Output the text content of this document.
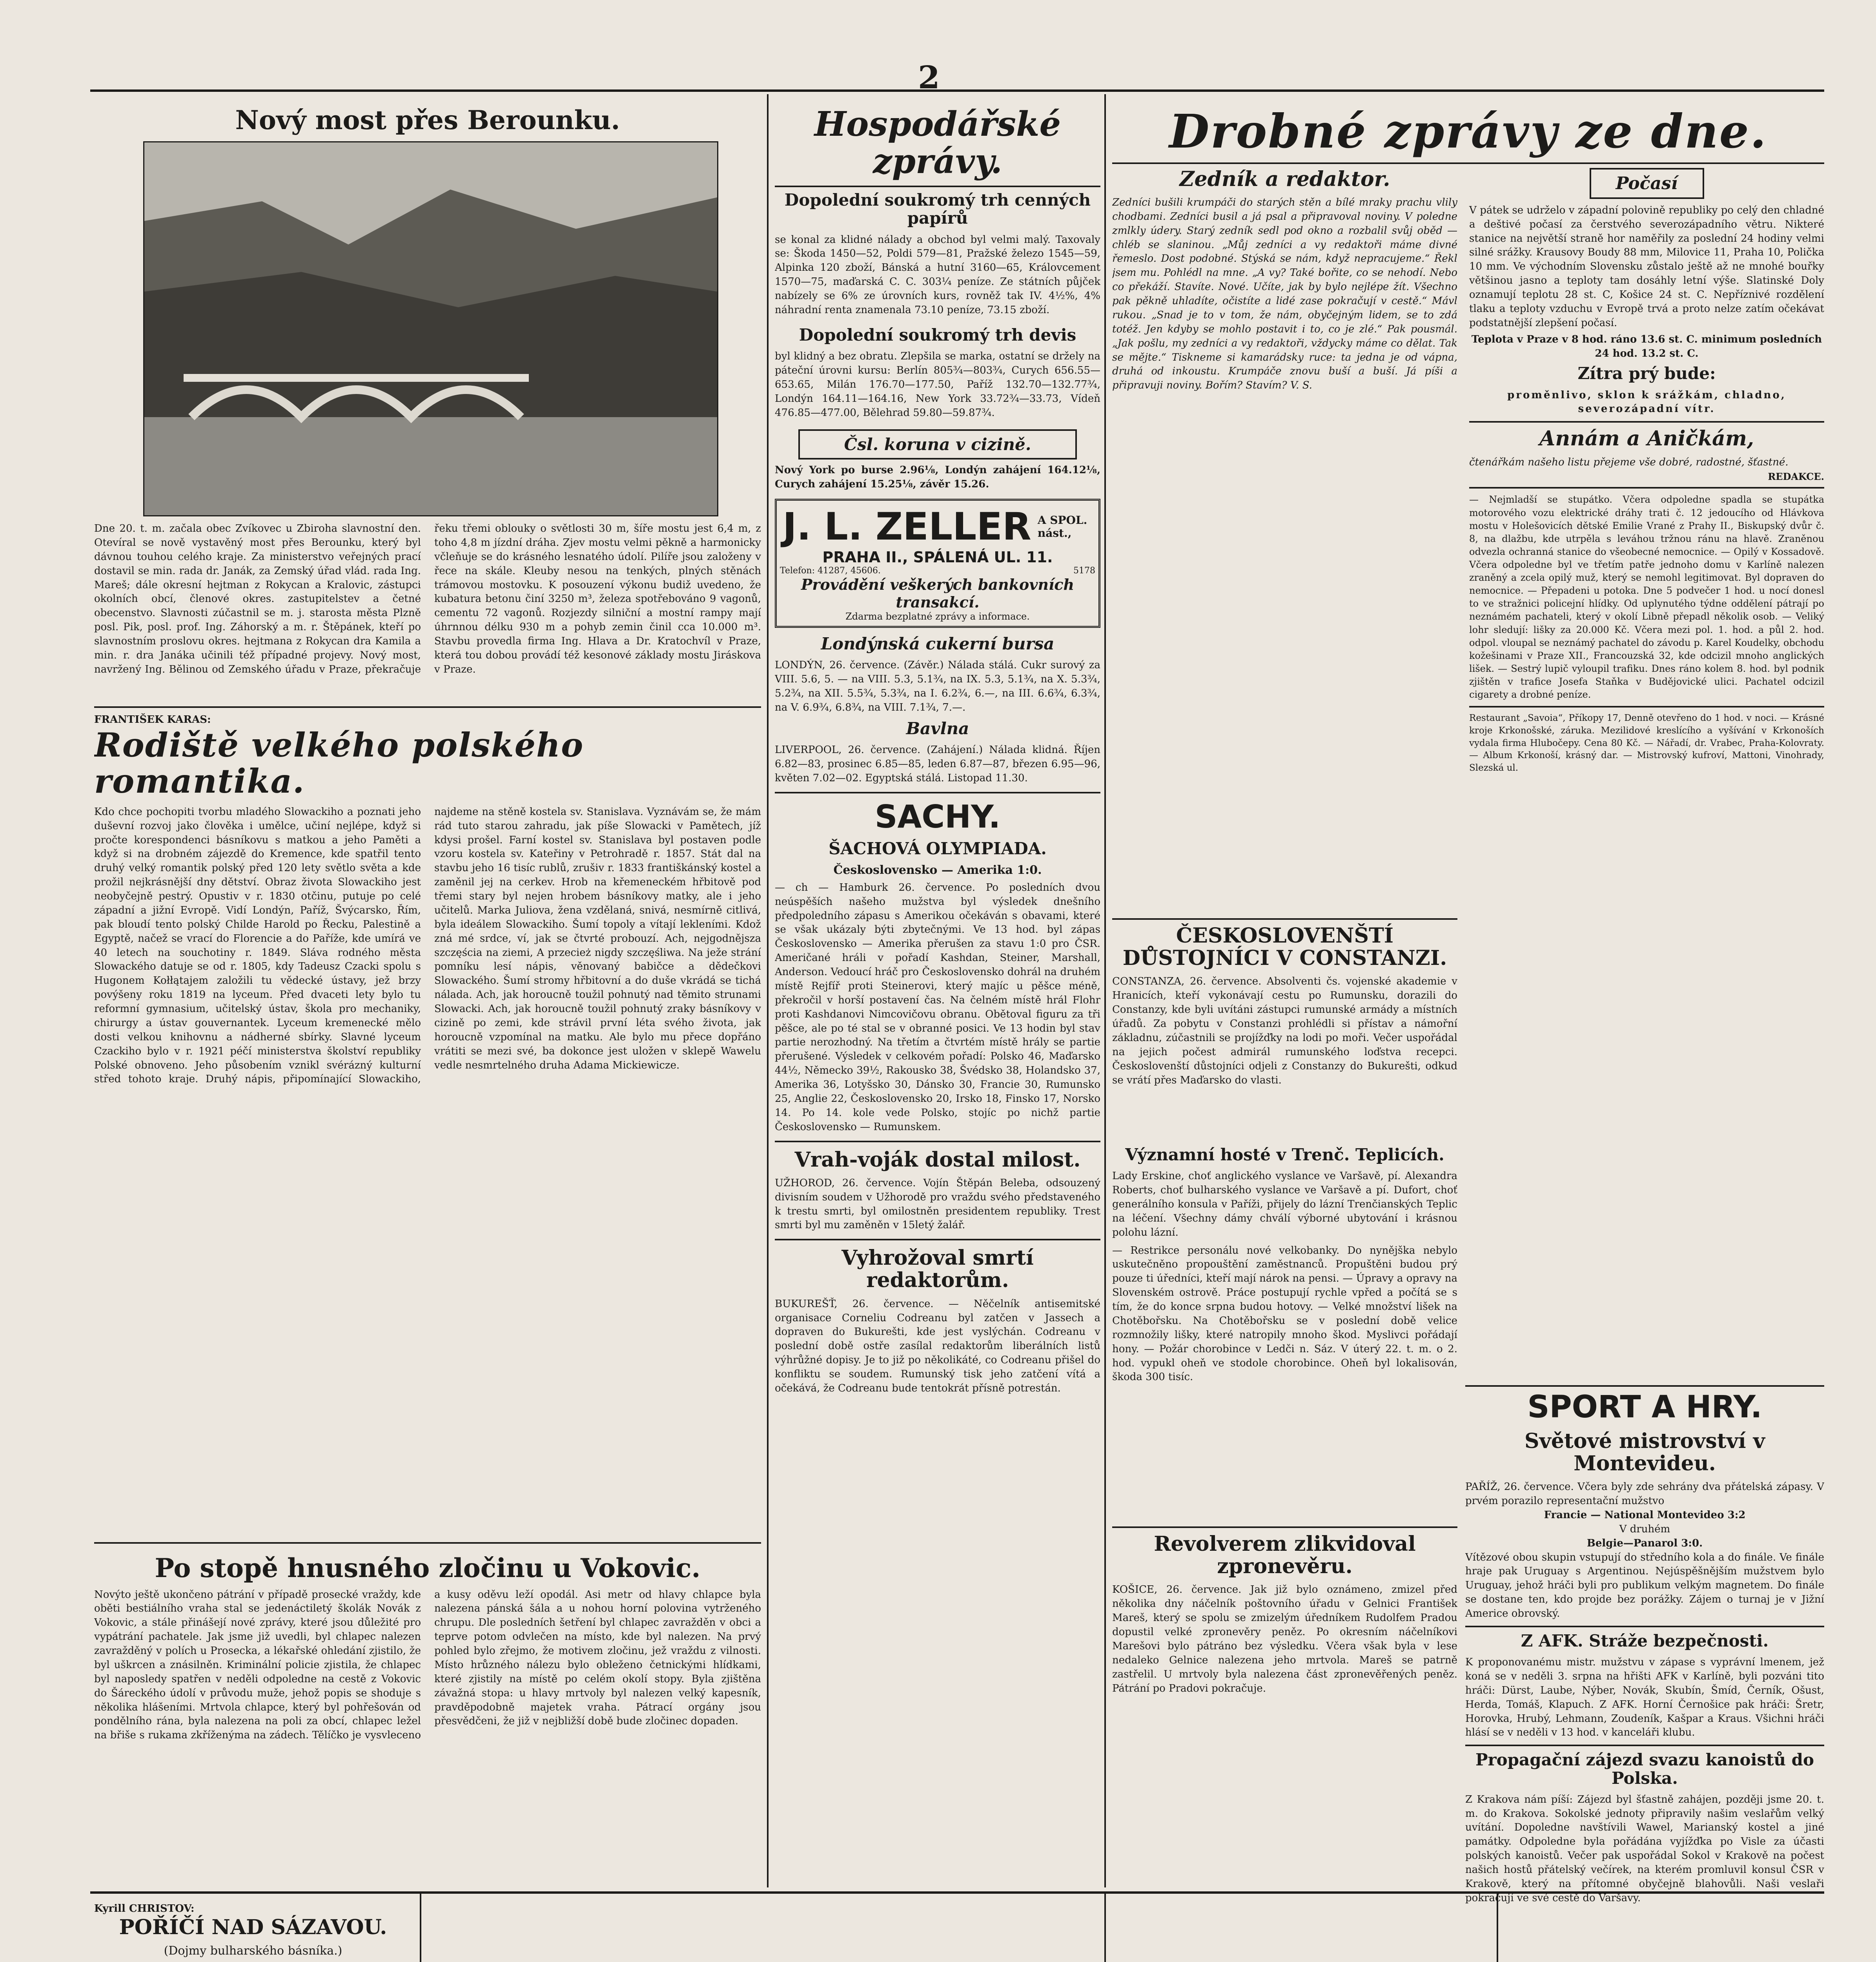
2
Nový most přes Berounku.

Dne 20. t. m. začala obec Zvíkovec u Zbiroha slavnostní den. Otevíral se nově vystavěný most přes Berounku, který byl dávnou touhou celého kraje. Za ministerstvo veřejných prací dostavil se min. rada dr. Janák, za Zemský úřad vlád. rada Ing. Mareš; dále okresní hejtman z Rokycan a Kralovic, zástupci okolních obcí, členové okres. zastupitelstev a četné obecenstvo. Slavnosti zúčastnil se m. j. starosta města Plzně posl. Pik, posl. prof. Ing. Záhorský a m. r. Štěpánek, kteří po slavnostním proslovu okres. hejtmana z Rokycan dra Kamila a min. r. dra Janáka učinili též případné projevy. Nový most, navržený Ing. Bělinou od Zemského úřadu v Praze, překračuje řeku třemi oblouky o světlosti 30 m, šíře mostu jest 6,4 m, z toho 4,8 m jízdní dráha. Zjev mostu velmi pěkně a harmonicky včleňuje se do krásného lesnatého údolí. Pilíře jsou založeny v řece na skále. Kleuby nesou na tenkých, plných stěnách trámovou mostovku. K posouzení výkonu budiž uvedeno, že kubatura betonu činí 3250 m³, železa spotřebováno 9 vagonů, cementu 72 vagonů. Rozjezdy silniční a mostní rampy mají úhrnnou délku 930 m a pohyb zemin činil cca 10.000 m³. Stavbu provedla firma Ing. Hlava a Dr. Kratochvíl v Praze, která tou dobou provádí též kesonové základy mostu Jiráskova v Praze.

FRANTIŠEK KARAS:
Rodiště velkého polského romantika.

Kdo chce pochopiti tvorbu mladého Slowackiho a poznati jeho duševní rozvoj jako člověka i umělce, učiní nejlépe, když si pročte korespondenci básníkovu s matkou a jeho Paměti a když si na drobném zájezdě do Kremence, kde spatřil tento druhý velký romantik polský před 120 lety světlo světa a kde prožil nejkrásnější dny dětství. Obraz života Slowackiho jest neobyčejně pestrý. Opustiv v r. 1830 otčinu, putuje po celé západní a jižní Evropě. Vidí Londýn, Paříž, Švýcarsko, Řím, pak bloudí tento polský Childe Harold po Řecku, Palestině a Egyptě, načež se vrací do Florencie a do Paříže, kde umírá ve 40 letech na souchotiny r. 1849. Sláva rodného města Slowackého datuje se od r. 1805, kdy Tadeusz Czacki spolu s Hugonem Kołłątajem založili tu vědecké ústavy, jež brzy povýšeny roku 1819 na lyceum. Před dvaceti lety bylo tu reformní gymnasium, učitelský ústav, škola pro mechaniky, chirurgy a ústav gouvernantek. Lyceum kremenecké mělo dosti velkou knihovnu a nádherné sbírky. Slavné lyceum Czackiho bylo v r. 1921 péčí ministerstva školství republiky Polské obnoveno. Jeho působením vznikl svérázný kulturní střed tohoto kraje. Druhý nápis, připomínající Slowackiho, najdeme na stěně kostela sv. Stanislava. Vyznávám se, že mám rád tuto starou zahradu, jak píše Slowacki v Pamětech, jíž kdysi prošel. Farní kostel sv. Stanislava byl postaven podle vzoru kostela sv. Kateřiny v Petrohradě r. 1857. Stát dal na stavbu jeho 16 tisíc rublů, zrušiv r. 1833 františkánský kostel a zaměnil jej na cerkev. Hrob na křemeneckém hřbitově pod třemi stary byl nejen hrobem básníkovy matky, ale i jeho učitelů. Marka Juliova, žena vzdělaná, snivá, nesmírně citlivá, byla ideálem Slowackiho. Šumí topoly a vítají lekleními. Kdož zná mé srdce, ví, jak se čtvrté probouzí. Ach, nejgodnějsza szczęścia na ziemi, A przecież nigdy szczęśliwa. Na ježe strání pomníku lesí nápis, věnovaný babičce a dědečkovi Slowackého. Šumí stromy hřbitovní a do duše vkrádá se tichá nálada. Ach, jak horoucně toužil pohnutý nad těmito strunami Slowacki. Ach, jak horoucně toužil pohnutý zraky básníkovy v cizině po zemi, kde strávil první léta svého života, jak horoucně vzpomínal na matku. Ale bylo mu přece dopřáno vrátiti se mezi své, ba dokonce jest uložen v sklepě Wawelu vedle nesmrtelného druha Adama Mickiewicze.

Po stopě hnusného zločinu u Vokovic.

Novýto ještě ukončeno pátrání v případě prosecké vraždy, kde oběti bestiálního vraha stal se jedenáctiletý školák Novák z Vokovic, a stále přinášejí nové zprávy, které jsou důležité pro vypátrání pachatele. Jak jsme již uvedli, byl chlapec nalezen zavražděný v polích u Prosecka, a lékařské ohledání zjistilo, že byl uškrcen a znásilněn. Kriminální policie zjistila, že chlapec byl naposledy spatřen v neděli odpoledne na cestě z Vokovic do Šáreckého údolí v průvodu muže, jehož popis se shoduje s několika hlášeními. Mrtvola chlapce, který byl pohřešován od pondělního rána, byla nalezena na poli za obcí, chlapec ležel na břiše s rukama zkříženýma na zádech. Tělíčko je vysvleceno a kusy oděvu leží opodál. Asi metr od hlavy chlapce byla nalezena pánská šála a u nohou horní polovina vytrženého chrupu. Dle posledních šetření byl chlapec zavražděn v obci a teprve potom odvlečen na místo, kde byl nalezen. Na prvý pohled bylo zřejmo, že motivem zločinu, jež vraždu z vilnosti. Místo hrůzného nálezu bylo obleženo četnickými hlídkami, které zjistily na místě po celém okolí stopy. Byla zjištěna závažná stopa: u hlavy mrtvoly byl nalezen velký kapesník, pravděpodobně majetek vraha. Pátrací orgány jsou přesvědčeni, že již v nejbližší době bude zločinec dopaden.

Hospodářské zprávy.
Dopolední soukromý trh cenných papírů

se konal za klidné nálady a obchod byl velmi malý. Taxovaly se: Škoda 1450—52, Poldi 579—81, Pražské železo 1545—59, Alpinka 120 zboží, Bánská a hutní 3160—65, Královcement 1570—75, maďarská C. C. 303¼ peníze. Ze státních půjček nabízely se 6% ze úrovních kurs, rovněž tak IV. 4½%, 4% náhradní renta znamenala 73.10 peníze, 73.15 zboží.

Dopolední soukromý trh devis

byl klidný a bez obratu. Zlepšila se marka, ostatní se držely na páteční úrovni kursu: Berlín 805¾—803¾, Curych 656.55—653.65, Milán 176.70—177.50, Paříž 132.70—132.77¾, Londýn 164.11—164.16, New York 33.72¾—33.73, Vídeň 476.85—477.00, Bělehrad 59.80—59.87¾.

Čsl. koruna v cizině.

Nový York po burse 2.96⅛, Londýn zahájení 164.12⅛, Curych zahájení 15.25⅛, závěr 15.26.

J. L. ZELLER A SPOL. nást.,
PRAHA II., SPÁLENÁ UL. 11.
Telefon: 41287, 45606.	5178
Provádění veškerých bankovních transakcí.
Zdarma bezplatné zprávy a informace.
Londýnská cukerní bursa

LONDÝN, 26. července. (Závěr.) Nálada stálá. Cukr surový za VIII. 5.6, 5. — na VIII. 5.3, 5.1¾, na IX. 5.3, 5.1¾, na X. 5.3¾, 5.2¾, na XII. 5.5¾, 5.3¾, na I. 6.2¾, 6.—, na III. 6.6¾, 6.3¾, na V. 6.9¾, 6.8¾, na VIII. 7.1¾, 7.—.

Bavlna

LIVERPOOL, 26. července. (Zahájení.) Nálada klidná. Říjen 6.82—83, prosinec 6.85—85, leden 6.87—87, březen 6.95—96, květen 7.02—02. Egyptská stálá. Listopad 11.30.

SACHY.
ŠACHOVÁ OLYMPIADA.
Československo — Amerika 1:0.

— ch — Hamburk 26. července. Po posledních dvou neúspěších našeho mužstva byl výsledek dnešního předpoledního zápasu s Amerikou očekáván s obavami, které se však ukázaly býti zbytečnými. Ve 13 hod. byl zápas Československo — Amerika přerušen za stavu 1:0 pro ČSR. Američané hráli v pořadí Kashdan, Steiner, Marshall, Anderson. Vedoucí hráč pro Československo dohrál na druhém místě Rejfíř proti Steinerovi, který majíc u pěšce méně, překročil v horší postavení čas. Na čelném místě hrál Flohr proti Kashdanovi Nimcovičovu obranu. Obětoval figuru za tři pěšce, ale po té stal se v obranné posici. Ve 13 hodin byl stav partie nerozhodný. Na třetím a čtvrtém místě hrály se partie přerušené. Výsledek v celkovém pořadí: Polsko 46, Maďarsko 44½, Německo 39½, Rakousko 38, Švédsko 38, Holandsko 37, Amerika 36, Lotyšsko 30, Dánsko 30, Francie 30, Rumunsko 25, Anglie 22, Československo 20, Irsko 18, Finsko 17, Norsko 14. Po 14. kole vede Polsko, stojíc po nichž partie Československo — Rumunskem.

Vrah-voják dostal milost.

UŽHOROD, 26. července. Vojín Štěpán Beleba, odsouzený divisním soudem v Užhorodě pro vraždu svého představeného k trestu smrti, byl omilostněn presidentem republiky. Trest smrti byl mu zaměněn v 15letý žalář.

Vyhrožoval smrtí redaktorům.

BUKUREŠŤ, 26. července. — Něčelník antisemitské organisace Corneliu Codreanu byl zatčen v Jassech a dopraven do Bukurešti, kde jest vyslýchán. Codreanu v poslední době ostře zasílal redaktorům liberálních listů výhrůžné dopisy. Je to již po několikáté, co Codreanu přišel do konfliktu se soudem. Rumunský tisk jeho zatčení vítá a očekává, že Codreanu bude tentokrát přísně potrestán.

Drobné zprávy ze dne.
Zedník a redaktor.

Zedníci bušili krumpáči do starých stěn a bílé mraky prachu vlily chodbami. Zedníci busil a já psal a připravoval noviny. V poledne zmlkly údery. Starý zedník sedl pod okno a rozbalil svůj oběd — chléb se slaninou. „Můj zedníci a vy redaktoři máme divné řemeslo. Dost podobné. Stýská se nám, když nepracujeme.“ Řekl jsem mu. Pohlédl na mne. „A vy? Také bořite, co se nehodí. Nebo co překáží. Stavíte. Nové. Učíte, jak by bylo nejlépe žít. Všechno pak pěkně uhladíte, očistíte a lidé zase pokračují v cestě.“ Mávl rukou. „Snad je to v tom, že nám, obyčejným lidem, se to zdá totéž. Jen kdyby se mohlo postavit i to, co je zlé.“ Pak pousmál. „Jak pošlu, my zedníci a vy redaktoři, vždycky máme co dělat. Tak se mějte.“ Tiskneme si kamarádsky ruce: ta jedna je od vápna, druhá od inkoustu. Krumpáče znovu buší a buší. Já píši a připravuji noviny. Bořím? Stavím? V. S.

Počasí

V pátek se udrželo v západní polovině republiky po celý den chladné a deštivé počasí za čerstvého severozápadního větru. Nikteré stanice na největší straně hor naměřily za poslední 24 hodiny velmi silné srážky. Krausovy Boudy 88 mm, Milovice 11, Praha 10, Polička 10 mm. Ve východním Slovensku zůstalo ještě až ne mnohé bouřky většinou jasno a teploty tam dosáhly letní výše. Slatinské Doly oznamují teplotu 28 st. C, Košice 24 st. C. Nepříznivé rozdělení tlaku a teploty vzduchu v Evropě trvá a proto nelze zatím očekávat podstatnější zlepšení počasí.

Teplota v Praze v 8 hod. ráno 13.6 st. C. minimum posledních 24 hod. 13.2 st. C.

Zítra prý bude:

proměnlivo, sklon k srážkám, chladno, severozápadní vítr.

Annám a Aničkám,

čtenářkám našeho listu přejeme vše dobré, radostné, šťastné.

REDAKCE.

— Nejmladší se stupátko. Včera odpoledne spadla se stupátka motorového vozu elektrické dráhy trati č. 12 jedoucího od Hlávkova mostu v Holešovicích dětské Emilie Vrané z Prahy II., Biskupský dvůr č. 8, na dlažbu, kde utrpěla s leváhou tržnou ránu na hlavě. Zraněnou odvezla ochranná stanice do všeobecné nemocnice. — Opilý v Kossadově. Včera odpoledne byl ve třetím patře jednoho domu v Karlíně nalezen zraněný a zcela opilý muž, který se nemohl legitimovat. Byl dopraven do nemocnice. — Přepadeni u potoka. Dne 5 podvečer 1 hod. u nocí donesl to ve stražnici policejní hlídky. Od uplynutého týdne oddělení pátrají po neznámém pachateli, který v okolí Libně přepadl několik osob. — Veliký lohr sledují: lišky za 20.000 Kč. Včera mezi pol. 1. hod. a půl 2. hod. odpol. vloupal se neznámý pachatel do závodu p. Karel Koudelky, obchodu kožešinami v Praze XII., Francouzská 32, kde odcizil mnoho anglických lišek. — Sestrý lupič vyloupil trafiku. Dnes ráno kolem 8. hod. byl podnik zjištěn v trafice Josefa Staňka v Budějovické ulici. Pachatel odcizil cigarety a drobné peníze.

Restaurant „Savoia“, Příkopy 17, Denně otevřeno do 1 hod. v noci. — Krásné kroje Krkonošské, záruka. Mezilidové kreslícího a vyšívání v Krkonoších vydala firma Hlubočepy. Cena 80 Kč. — Nářadí, dr. Vrabec, Praha-Kolovraty. — Album Krkonoší, krásný dar. — Mistrovský kufroví, Mattoni, Vinohrady, Slezská ul.

ČESKOSLOVENŠTÍ DŮSTOJNÍCI V CONSTANZI.

CONSTANZA, 26. července. Absolventi čs. vojenské akademie v Hranicích, kteří vykonávají cestu po Rumunsku, dorazili do Constanzy, kde byli uvítáni zástupci rumunské armády a místních úřadů. Za pobytu v Constanzi prohlédli si přístav a námořní základnu, zúčastnili se projížďky na lodi po moři. Večer uspořádal na jejich počest admirál rumunského loďstva recepci. Českoslovenští důstojníci odjeli z Constanzy do Bukurešti, odkud se vrátí přes Maďarsko do vlasti.

Významní hosté v Trenč. Teplicích.

Lady Erskine, choť anglického vyslance ve Varšavě, pí. Alexandra Roberts, choť bulharského vyslance ve Varšavě a pí. Dufort, choť generálního konsula v Paříži, přijely do lázní Trenčianských Teplic na léčení. Všechny dámy chválí výborné ubytování i krásnou polohu lázní.

— Restrikce personálu nové velkobanky. Do nynějška nebylo uskutečněno propouštění zaměstnanců. Propuštěni budou prý pouze ti úředníci, kteří mají nárok na pensi. — Úpravy a opravy na Slovenském ostrově. Práce postupují rychle vpřed a počítá se s tím, že do konce srpna budou hotovy. — Velké množství lišek na Chotěbořsku. Na Chotěbořsku se v poslední době velice rozmnožily lišky, které natropily mnoho škod. Myslivci pořádají hony. — Požár chorobince v Ledči n. Sáz. V úterý 22. t. m. o 2. hod. vypukl oheň ve stodole chorobince. Oheň byl lokalisován, škoda 300 tisíc.

Revolverem zlikvidoval zpronevěru.

KOŠICE, 26. července. Jak již bylo oznámeno, zmizel před několika dny náčelník poštovního úřadu v Gelnici František Mareš, který se spolu se zmizelým úředníkem Rudolfem Pradou dopustil velké zpronevěry peněz. Po okresním náčelníkovi Marešovi bylo pátráno bez výsledku. Včera však byla v lese nedaleko Gelnice nalezena jeho mrtvola. Mareš se patrně zastřelil. U mrtvoly byla nalezena část zpronevěřených peněz. Pátrání po Pradovi pokračuje.

SPORT A HRY.
Světové mistrovství v Montevideu.

PAŘÍŽ, 26. července. Včera byly zde sehrány dva přátelská zápasy. V prvém porazilo representační mužstvo

Francie — National Montevideo 3:2

V druhém

Belgie—Panarol 3:0.

Vítězové obou skupin vstupují do středního kola a do finále. Ve finále hraje pak Uruguay s Argentinou. Nejúspěšnějším mužstvem bylo Uruguay, jehož hráči byli pro publikum velkým magnetem. Do finále se dostane ten, kdo projde bez porážky. Zájem o turnaj je v Jižní Americe obrovský.

Z AFK. Stráže bezpečnosti.

K proponovanému mistr. mužstvu v zápase s vyprávní lmenem, jež koná se v neděli 3. srpna na hřišti AFK v Karlíně, byli pozváni tito hráči: Dürst, Laube, Nýber, Novák, Skubín, Šmíd, Černík, Ošust, Herda, Tomáš, Klapuch. Z AFK. Horní Černošice pak hráči: Šretr, Horovka, Hrubý, Lehmann, Zoudeník, Kašpar a Kraus. Všichni hráči hlásí se v neděli v 13 hod. v kanceláři klubu.

Propagační zájezd svazu kanoistů do Polska.

Z Krakova nám píší: Zájezd byl šťastně zahájen, později jsme 20. t. m. do Krakova. Sokolské jednoty připravily našim veslařům velký uvítání. Dopoledne navštívili Wawel, Marianský kostel a jiné památky. Odpoledne byla pořádána vyjížďka po Visle za účasti polských kanoistů. Večer pak uspořádal Sokol v Krakově na počest našich hostů přátelský večírek, na kterém promluvil konsul ČSR v Krakově, který na přítomné obyčejně blahovůli. Naši veslaři pokračují ve své cestě do Varšavy.

Kyrill CHRISTOV:
POŘÍČÍ NAD SÁZAVOU.
(Dojmy bulharského básníka.)
